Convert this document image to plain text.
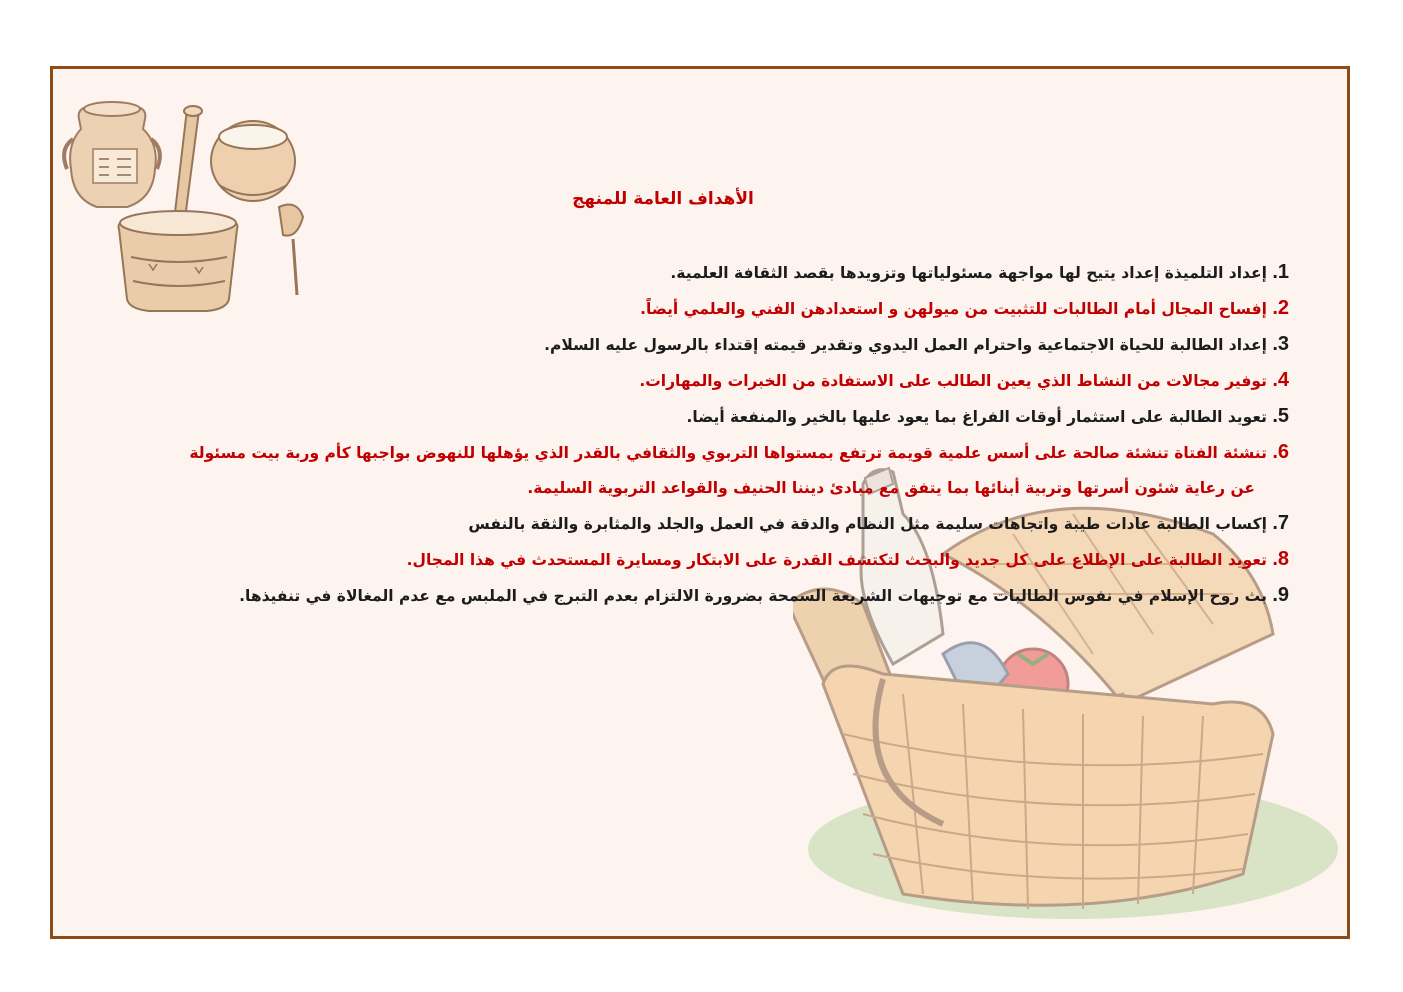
الأهداف العامة للمنهج
1. إعداد التلميذة إعداد يتيح لها مواجهة مسئولياتها وتزويدها بقصد الثقافة العلمية.
2. إفساح المجال أمام الطالبات للتثبيت من ميولهن و استعدادهن الفني والعلمي أيضاً.
3. إعداد الطالبة للحياة الاجتماعية واحترام العمل اليدوي وتقدير قيمته إقتداء بالرسول عليه السلام.
4. توفير مجالات من النشاط الذي يعين الطالب على الاستفادة من الخبرات والمهارات.
5. تعويد الطالبة على استثمار أوقات الفراغ بما يعود عليها بالخير والمنفعة أيضا.
6. تنشئة الفتاة تنشئة صالحة على أسس علمية قويمة ترتفع بمستواها التربوي والثقافي بالقدر الذي يؤهلها للنهوض بواجبها كأم وربة بيت مسئولة
عن رعاية شئون أسرتها وتربية أبنائها بما يتفق مع مبادئ ديننا الحنيف والقواعد التربوية السليمة.
7. إكساب الطالبة عادات طيبة واتجاهات سليمة مثل النظام والدقة في العمل والجلد والمثابرة والثقة بالنفس
8. تعويد الطالبة على الإطلاع على كل جديد والبحث لتكتشف القدرة على الابتكار ومسايرة المستحدث في هذا المجال.
9. بث روح الإسلام في نفوس الطالبات مع توجيهات الشريعة السمحة بضرورة الالتزام بعدم التبرج في الملبس مع عدم المغالاة في تنفيذها.
